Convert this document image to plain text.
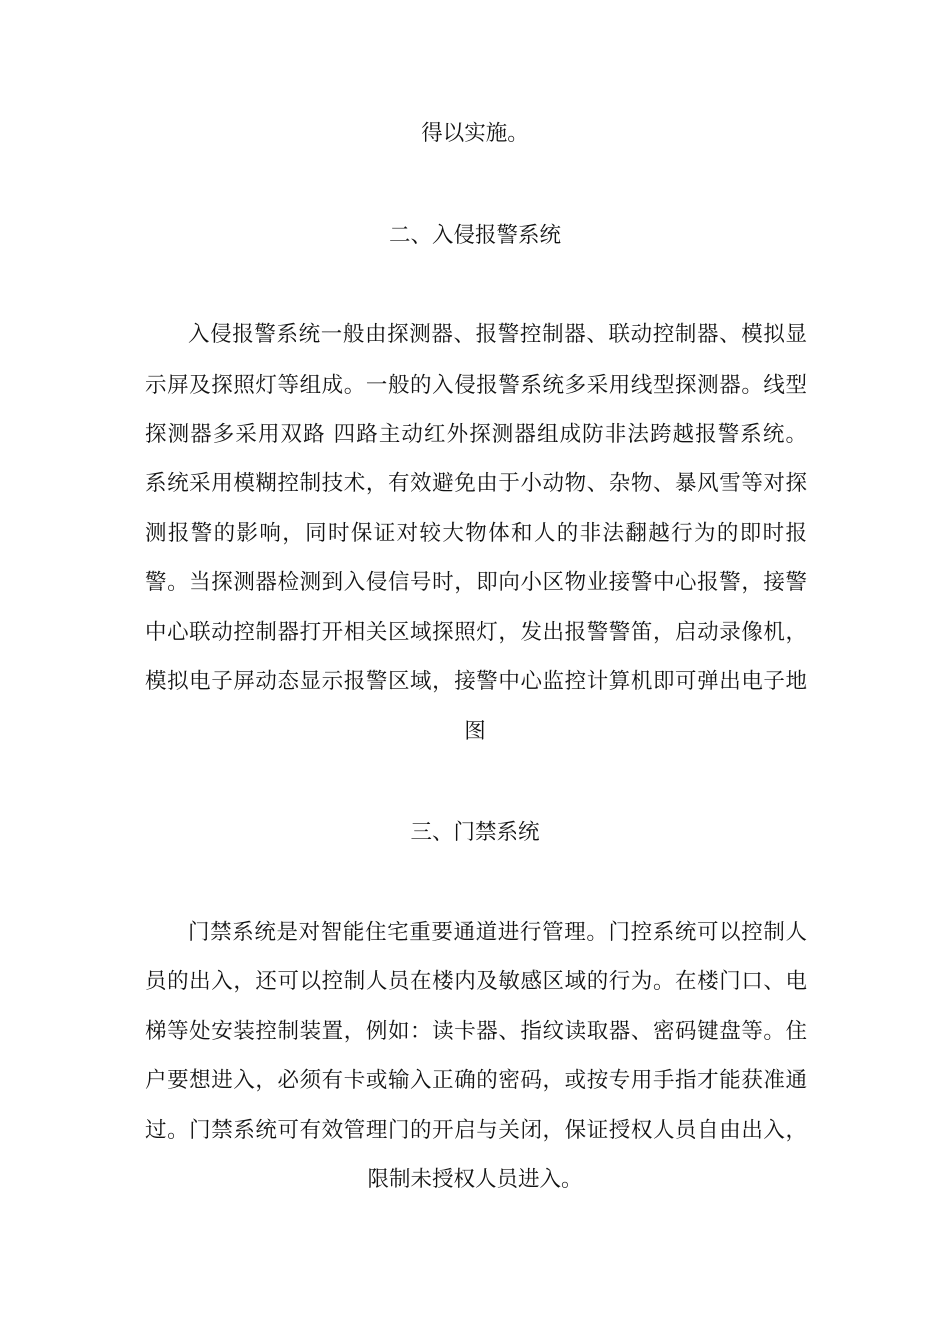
得以实施。
二、入侵报警系统
入侵报警系统一般由探测器、报警控制器、联动控制器、模拟显
示屏及探照灯等组成。一般的入侵报警系统多采用线型探测器。线型
探测器多采用双路 四路主动红外探测器组成防非法跨越报警系统。
系统采用模糊控制技术，有效避免由于小动物、杂物、暴风雪等对探
测报警的影响，同时保证对较大物体和人的非法翻越行为的即时报
警。当探测器检测到入侵信号时，即向小区物业接警中心报警，接警
中心联动控制器打开相关区域探照灯，发出报警警笛，启动录像机，
模拟电子屏动态显示报警区域，接警中心监控计算机即可弹出电子地
图
三、门禁系统
门禁系统是对智能住宅重要通道进行管理。门控系统可以控制人
员的出入，还可以控制人员在楼内及敏感区域的行为。在楼门口、电
梯等处安装控制装置，例如：读卡器、指纹读取器、密码键盘等。住
户要想进入，必须有卡或输入正确的密码，或按专用手指才能获准通
过。门禁系统可有效管理门的开启与关闭，保证授权人员自由出入，
限制未授权人员进入。
